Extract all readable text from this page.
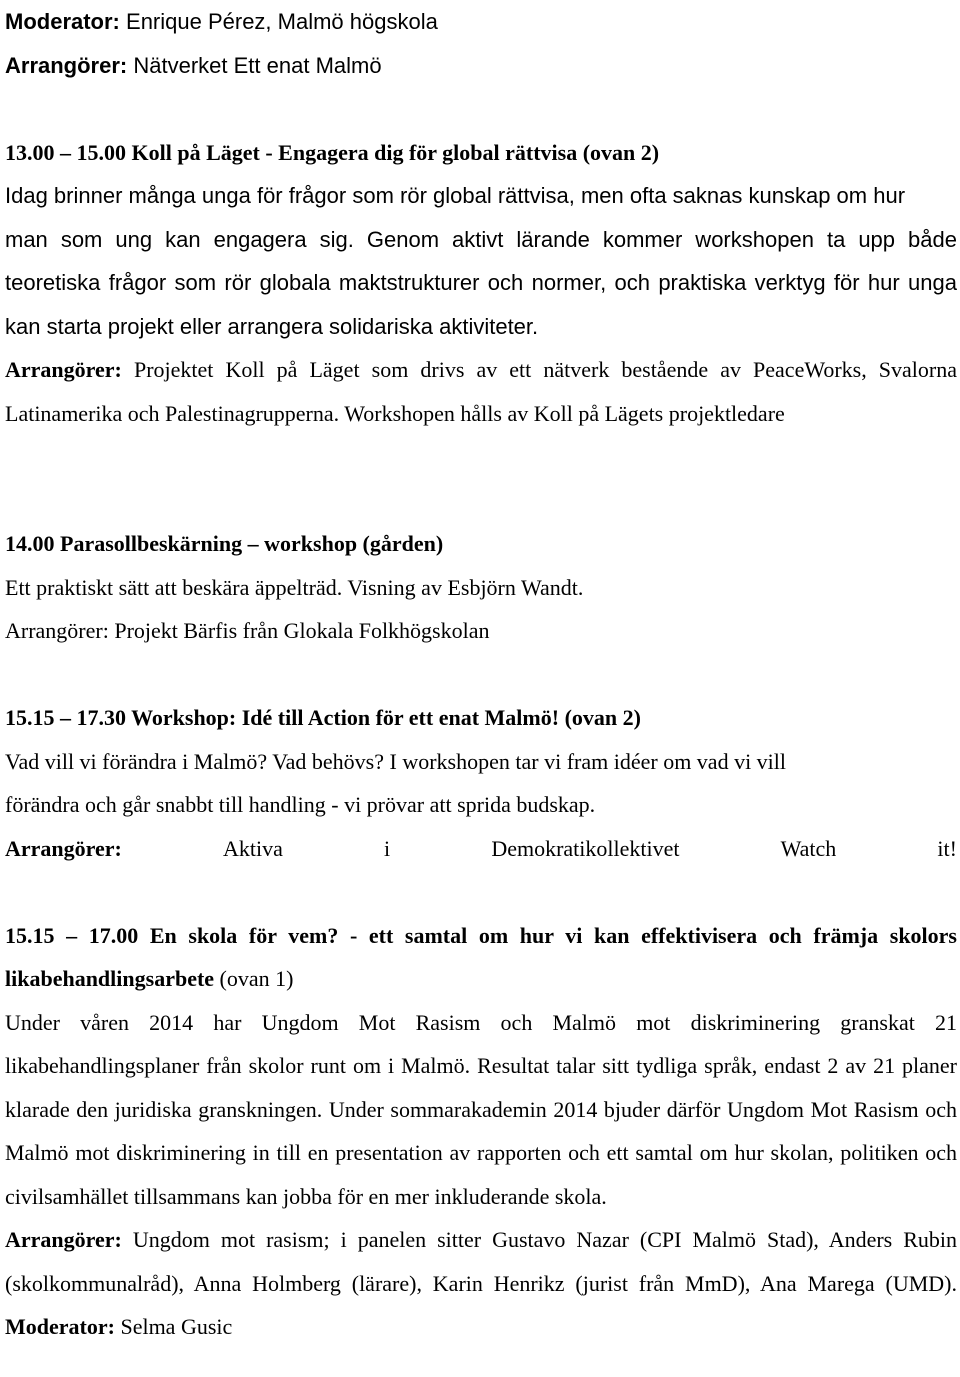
Moderator: Enrique Pérez, Malmö högskola
Arrangörer: Nätverket Ett enat Malmö
13.00 – 15.00 Koll på Läget - Engagera dig för global rättvisa (ovan 2)
Idag brinner många unga för frågor som rör global rättvisa, men ofta saknas kunskap om hur
man som ung kan engagera sig. Genom aktivt lärande kommer workshopen ta upp både teoretiska frågor som rör globala maktstrukturer och normer, och praktiska verktyg för hur unga kan starta projekt eller arrangera solidariska aktiviteter.
Arrangörer: Projektet Koll på Läget som drivs av ett nätverk bestående av PeaceWorks, Svalorna Latinamerika och Palestinagrupperna. Workshopen hålls av Koll på Lägets projektledare
14.00 Parasollbeskärning – workshop (gården)
Ett praktiskt sätt att beskära äppelträd. Visning av Esbjörn Wandt.
Arrangörer: Projekt Bärfis från Glokala Folkhögskolan
15.15 – 17.30 Workshop: Idé till Action för ett enat Malmö! (ovan 2)
Vad vill vi förändra i Malmö? Vad behövs? I workshopen tar vi fram idéer om vad vi vill
förändra och går snabbt till handling - vi prövar att sprida budskap.
Arrangörer:	Aktiva	i	Demokratikollektivet	Watch	it!
15.15 – 17.00 En skola för vem? - ett samtal om hur vi kan effektivisera och främja skolors likabehandlingsarbete (ovan 1)
Under våren 2014 har Ungdom Mot Rasism och Malmö mot diskriminering granskat 21 likabehandlingsplaner från skolor runt om i Malmö. Resultat talar sitt tydliga språk, endast 2 av 21 planer klarade den juridiska granskningen. Under sommarakademin 2014 bjuder därför Ungdom Mot Rasism och Malmö mot diskriminering in till en presentation av rapporten och ett samtal om hur skolan, politiken och civilsamhället tillsammans kan jobba för en mer inkluderande skola.
Arrangörer: Ungdom mot rasism; i panelen sitter Gustavo Nazar (CPI Malmö Stad), Anders Rubin (skolkommunalråd), Anna Holmberg (lärare), Karin Henrikz (jurist från MmD), Ana Marega (UMD). Moderator: Selma Gusic
